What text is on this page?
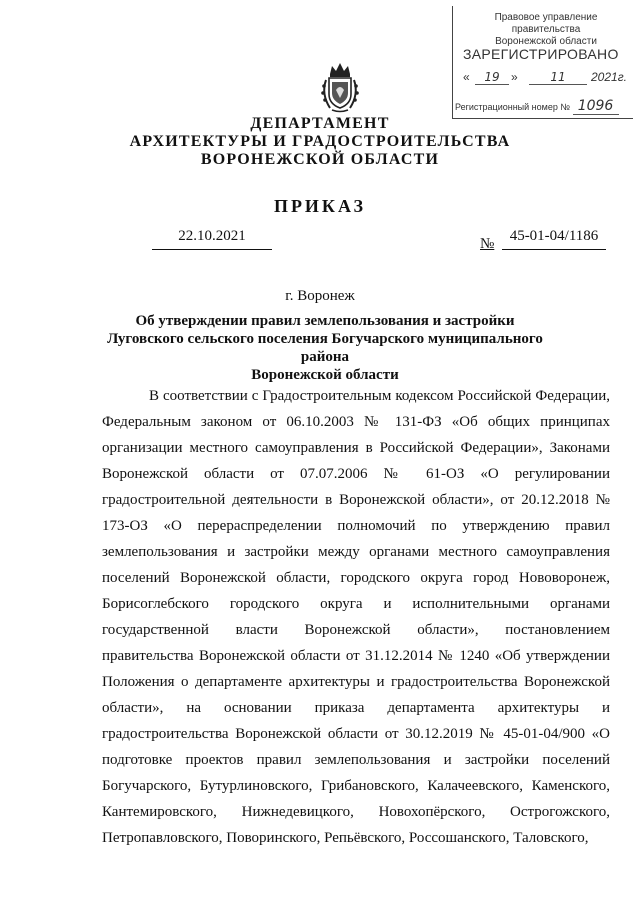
Правовое управление правительства
Воронежской области
ЗАРЕГИСТРИРОВАНО
«	19 »	11	2021г.
Регистрационный номер № 1096
ДЕПАРТАМЕНТ
АРХИТЕКТУРЫ И ГРАДОСТРОИТЕЛЬСТВА
ВОРОНЕЖСКОЙ ОБЛАСТИ
ПРИКАЗ
22.10.2021	№	45-01-04/1186
г. Воронеж
Об утверждении правил землепользования и застройки
Луговского сельского поселения Богучарского муниципального района
Воронежской области

В соответствии с Градостроительным кодексом Российской Федерации, Федеральным законом от 06.10.2003 № 131-ФЗ «Об общих принципах организации местного самоуправления в Российской Федерации», Законами Воронежской области от 07.07.2006 № 61-ОЗ «О регулировании градостроительной деятельности в Воронежской области», от 20.12.2018 № 173-ОЗ «О перераспределении полномочий по утверждению правил землепользования и застройки между органами местного самоуправления поселений Воронежской области, городского округа город Нововоронеж, Борисоглебского городского округа и исполнительными органами государственной власти Воронежской области», постановлением правительства Воронежской области от 31.12.2014 № 1240 «Об утверждении Положения о департаменте архитектуры и градостроительства Воронежской области», на основании приказа департамента архитектуры и градостроительства Воронежской области от 30.12.2019 № 45-01-04/900 «О подготовке проектов правил землепользования и застройки поселений Богучарского, Бутурлиновского, Грибановского, Калачеевского, Каменского, Кантемировского, Нижнедевицкого, Новохопёрского, Острогожского, Петропавловского, Поворинского, Репьёвского, Россошанского, Таловского,
